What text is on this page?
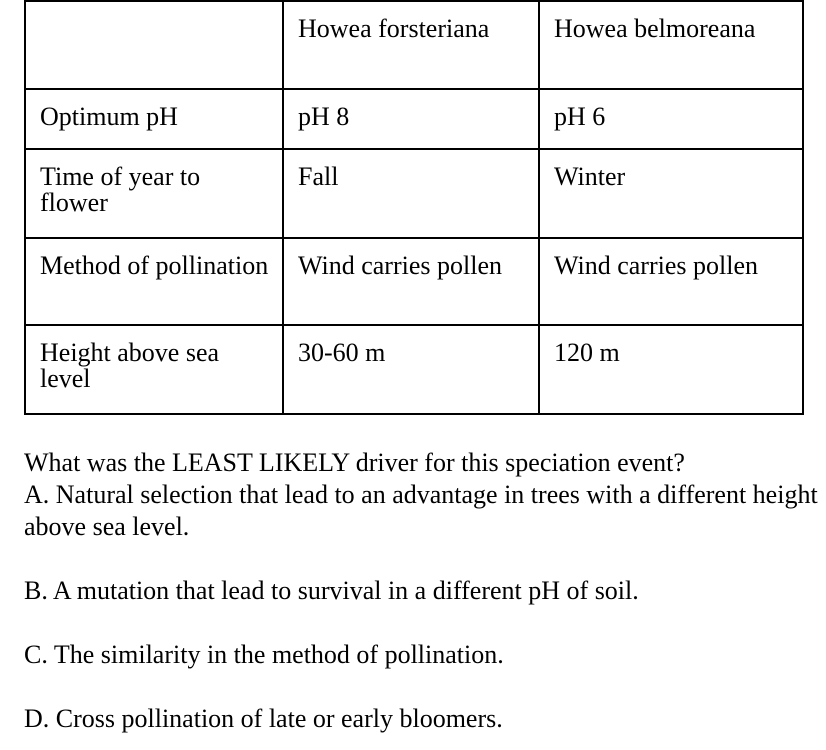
	Howea forsteriana	Howea belmoreana
Optimum pH	pH 8	pH 6
Time of year to flower	Fall	Winter
Method of pollination	Wind carries pollen	Wind carries pollen
Height above sea level	30-60 m	120 m

What was the LEAST LIKELY driver for this speciation event?

A. Natural selection that lead to an advantage in trees with a different height above sea level.

B. A mutation that lead to survival in a different pH of soil.

C. The similarity in the method of pollination.

D. Cross pollination of late or early bloomers.
